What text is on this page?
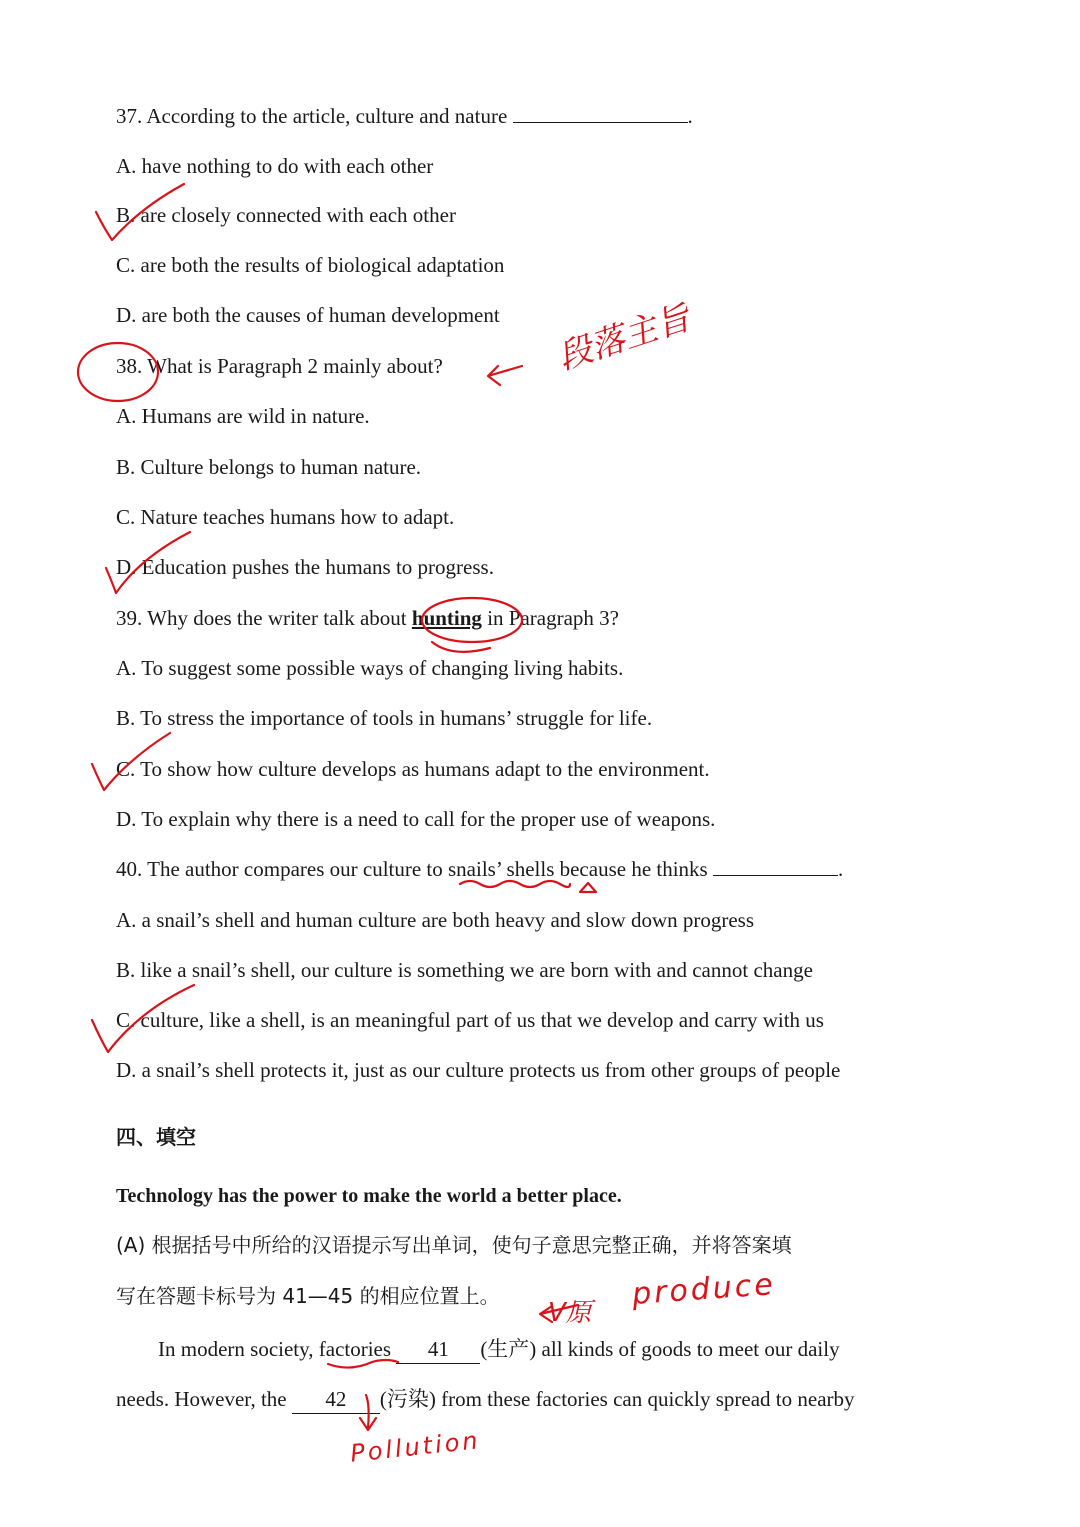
37. According to the article, culture and nature	.
A. have nothing to do with each other
B. are closely connected with each other
C. are both the results of biological adaptation
D. are both the causes of human development
38. What is Paragraph 2 mainly about?
A. Humans are wild in nature.
B. Culture belongs to human nature.
C. Nature teaches humans how to adapt.
D. Education pushes the humans to progress.
39. Why does the writer talk about hunting in Paragraph 3?
A. To suggest some possible ways of changing living habits.
B. To stress the importance of tools in humans’ struggle for life.
C. To show how culture develops as humans adapt to the environment.
D. To explain why there is a need to call for the proper use of weapons.
40. The author compares our culture to snails’ shells because he thinks	.
A. a snail’s shell and human culture are both heavy and slow down progress
B. like a snail’s shell, our culture is something we are born with and cannot change
C. culture, like a shell, is an meaningful part of us that we develop and carry with us
D. a snail’s shell protects it, just as our culture protects us from other groups of people
四、填空
Technology has the power to make the world a better place.
(A) 根据括号中所给的汉语提示写出单词，使句子意思完整正确，并将答案填
写在答题卡标号为 41—45 的相应位置上。
In modern society, factories 41 (生产) all kinds of goods to meet our daily
needs. However, the 42 (污染) from these factories can quickly spread to nearby
段落主旨
V原
produce
Pollution
